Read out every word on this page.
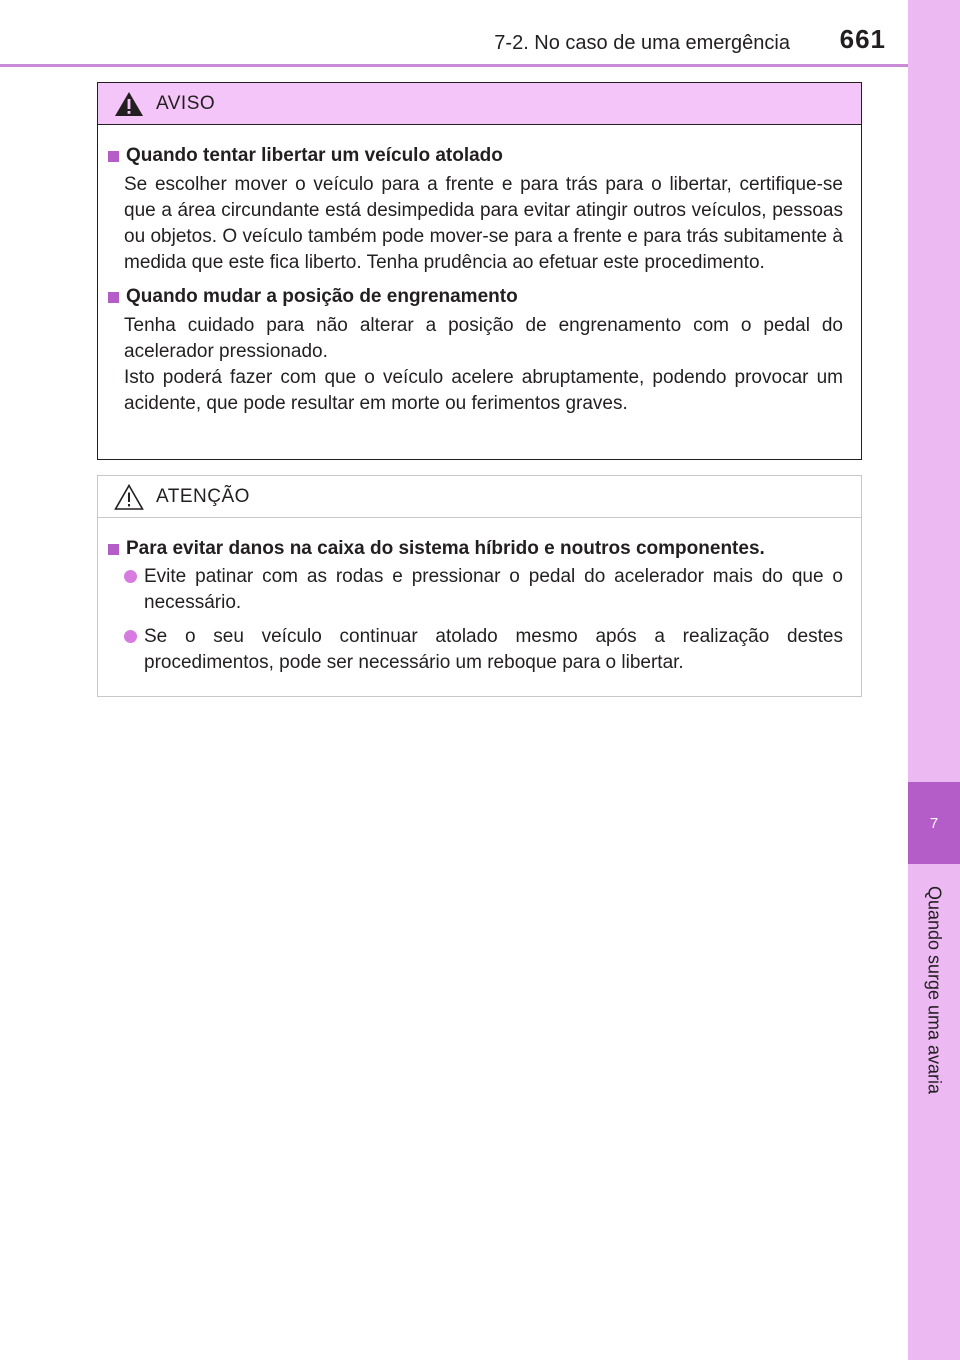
7
Quando surge uma avaria
7-2. No caso de uma emergência 661
AVISO
Quando tentar libertar um veículo atolado
Se escolher mover o veículo para a frente e para trás para o libertar, certifique-se que a área circundante está desimpedida para evitar atingir outros veículos, pessoas ou objetos. O veículo também pode mover-se para a frente e para trás subitamente à medida que este fica liberto. Tenha prudência ao efetuar este procedimento.
Quando mudar a posição de engrenamento
Tenha cuidado para não alterar a posição de engrenamento com o pedal do acelerador pressionado.
Isto poderá fazer com que o veículo acelere abruptamente, podendo provocar um acidente, que pode resultar em morte ou ferimentos graves.
ATENÇÃO
Para evitar danos na caixa do sistema híbrido e noutros componentes.
Evite patinar com as rodas e pressionar o pedal do acelerador mais do que o necessário.
Se o seu veículo continuar atolado mesmo após a realização destes procedimentos, pode ser necessário um reboque para o libertar.
